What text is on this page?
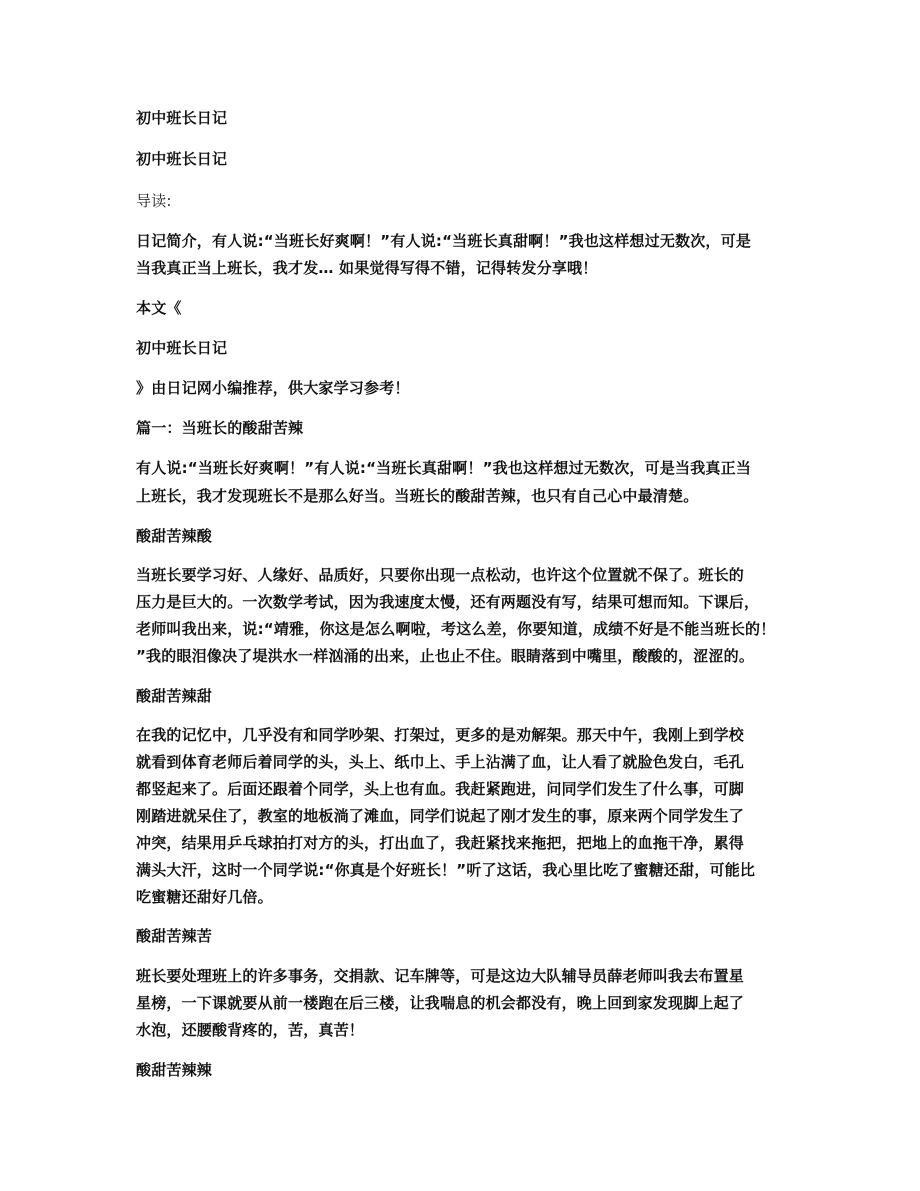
初中班长日记
初中班长日记
导读:
日记简介，有人说:“当班长好爽啊！”有人说:“当班长真甜啊！”我也这样想过无数次，可是
当我真正当上班长，我才发… 如果觉得写得不错，记得转发分享哦！
本文《
初中班长日记
》由日记网小编推荐，供大家学习参考！
篇一：当班长的酸甜苦辣
有人说:“当班长好爽啊！”有人说:“当班长真甜啊！”我也这样想过无数次，可是当我真正当
上班长，我才发现班长不是那么好当。当班长的酸甜苦辣，也只有自己心中最清楚。
酸甜苦辣酸
当班长要学习好、人缘好、品质好，只要你出现一点松动，也许这个位置就不保了。班长的
压力是巨大的。一次数学考试，因为我速度太慢，还有两题没有写，结果可想而知。下课后，
老师叫我出来，说:“靖雅，你这是怎么啊啦，考这么差，你要知道，成绩不好是不能当班长的！
”我的眼泪像决了堤洪水一样汹涌的出来，止也止不住。眼睛落到中嘴里，酸酸的，涩涩的。
酸甜苦辣甜
在我的记忆中，几乎没有和同学吵架、打架过，更多的是劝解架。那天中午，我刚上到学校
就看到体育老师后着同学的头，头上、纸巾上、手上沾满了血，让人看了就脸色发白，毛孔
都竖起来了。后面还跟着个同学，头上也有血。我赶紧跑进，问同学们发生了什么事，可脚
刚踏进就呆住了，教室的地板淌了滩血，同学们说起了刚才发生的事，原来两个同学发生了
冲突，结果用乒乓球拍打对方的头，打出血了，我赶紧找来拖把，把地上的血拖干净，累得
满头大汗，这时一个同学说:“你真是个好班长！”听了这话，我心里比吃了蜜糖还甜，可能比
吃蜜糖还甜好几倍。
酸甜苦辣苦
班长要处理班上的许多事务，交捐款、记车牌等，可是这边大队辅导员薛老师叫我去布置星
星榜，一下课就要从前一楼跑在后三楼，让我喘息的机会都没有，晚上回到家发现脚上起了
水泡，还腰酸背疼的，苦，真苦！
酸甜苦辣辣
